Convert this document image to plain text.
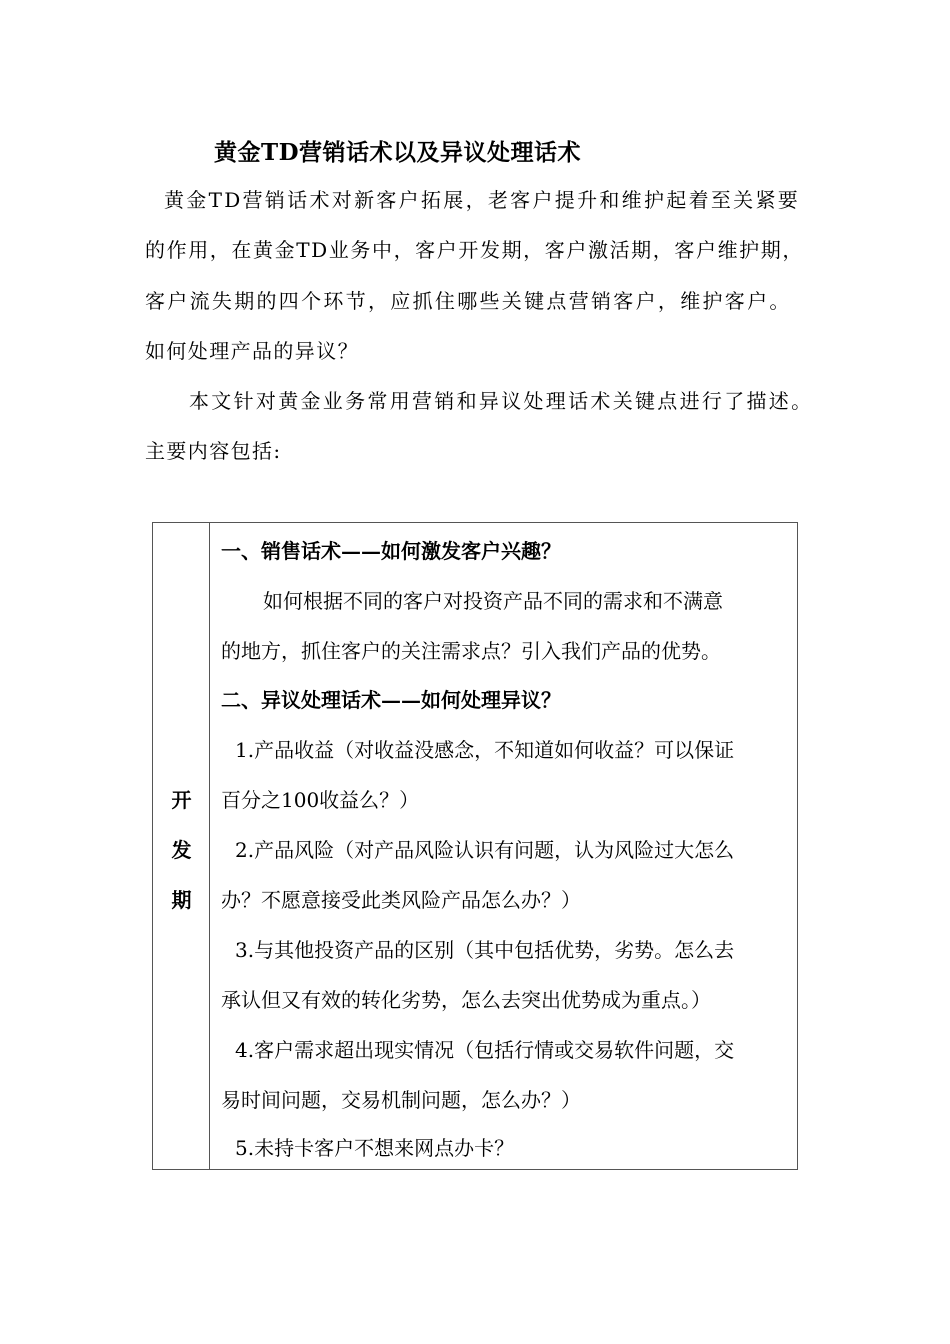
黄金TD营销话术以及异议处理话术
黄金TD营销话术对新客户拓展，老客户提升和维护起着至关紧要
的作用，在黄金TD业务中，客户开发期，客户激活期，客户维护期，
客户流失期的四个环节，应抓住哪些关键点营销客户，维护客户。
如何处理产品的异议？
本文针对黄金业务常用营销和异议处理话术关键点进行了描述。
主要内容包括:
开
发
期
一、销售话术——如何激发客户兴趣？
如何根据不同的客户对投资产品不同的需求和不满意
的地方，抓住客户的关注需求点？引入我们产品的优势。
二、异议处理话术——如何处理异议？
1.产品收益（对收益没感念，不知道如何收益？可以保证
百分之100收益么？）
2.产品风险（对产品风险认识有问题，认为风险过大怎么
办？不愿意接受此类风险产品怎么办？）
3.与其他投资产品的区别（其中包括优势，劣势。怎么去
承认但又有效的转化劣势，怎么去突出优势成为重点。）
4.客户需求超出现实情况（包括行情或交易软件问题，交
易时间问题，交易机制问题，怎么办？）
5.未持卡客户不想来网点办卡？
